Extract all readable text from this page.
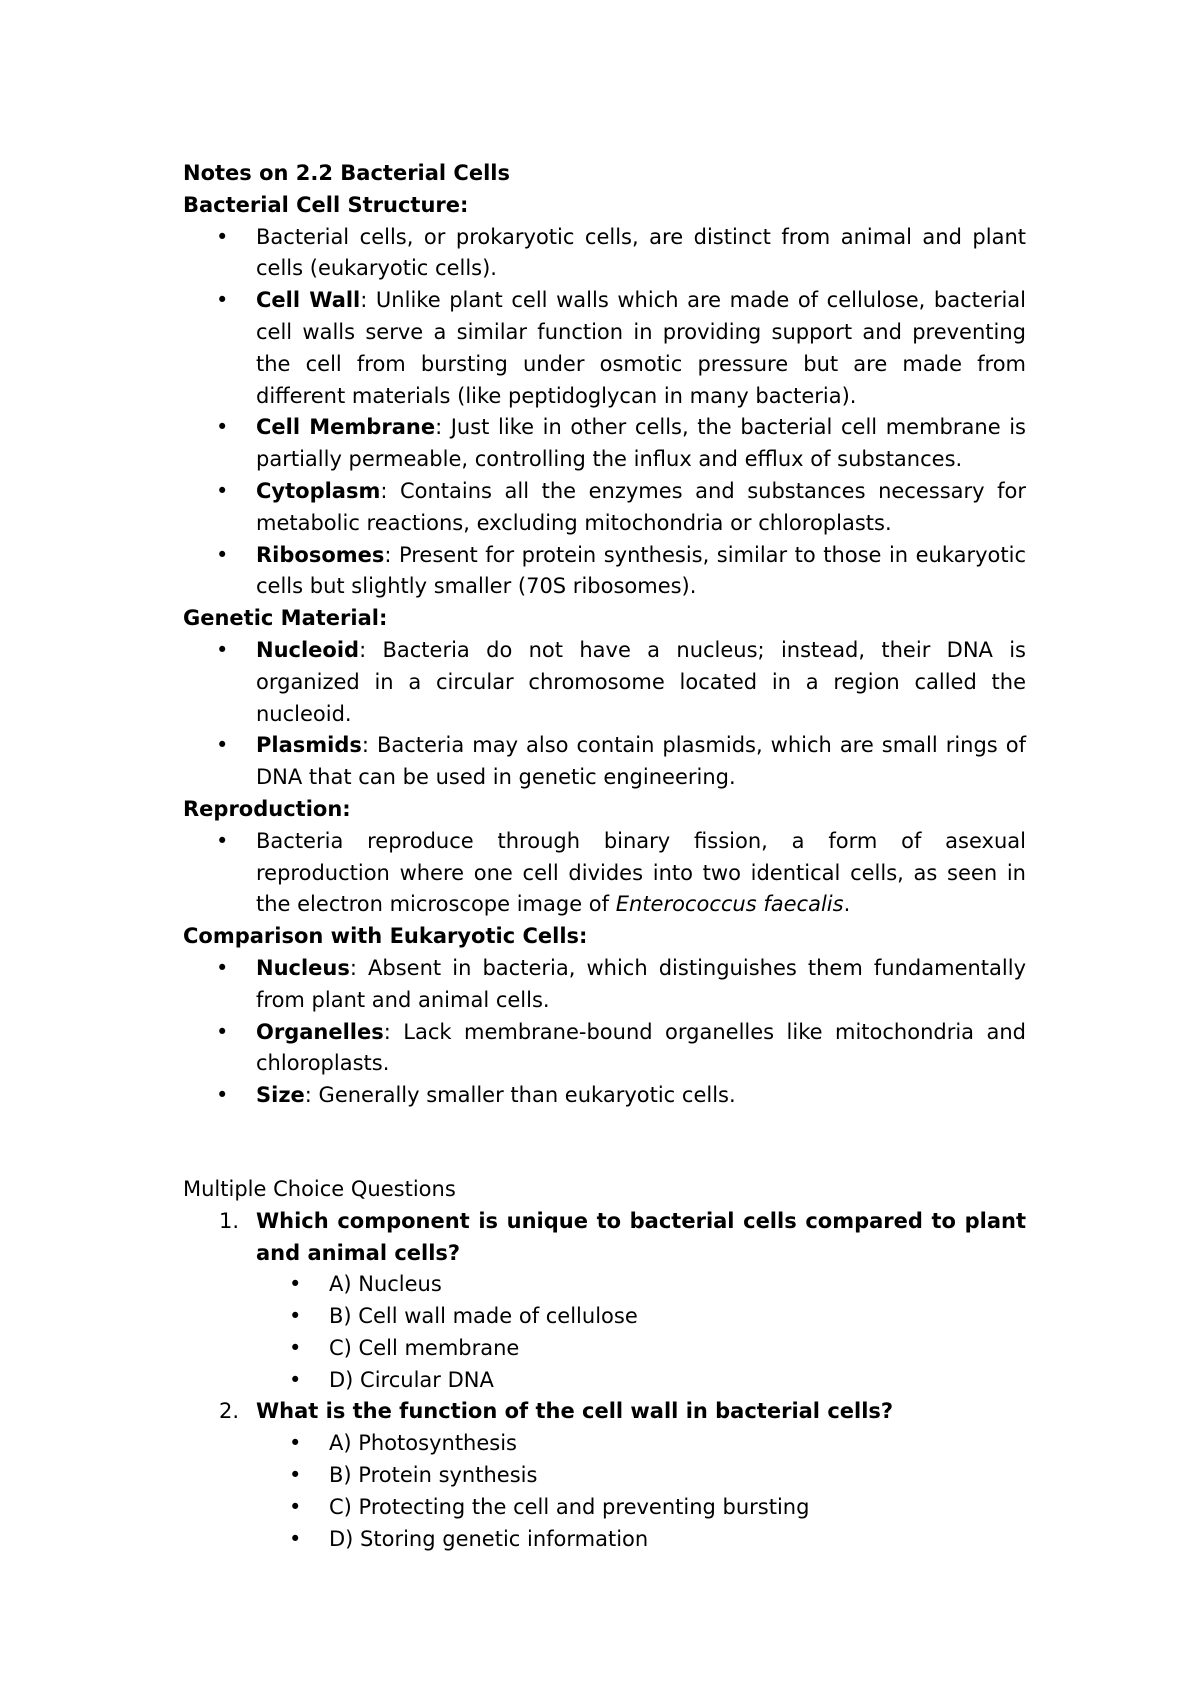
Notes on 2.2 Bacterial Cells

Bacterial Cell Structure:

• Bacterial cells, or prokaryotic cells, are distinct from animal and plant cells (eukaryotic cells).
• Cell Wall: Unlike plant cell walls which are made of cellulose, bacterial cell walls serve a similar function in providing support and preventing the cell from bursting under osmotic pressure but are made from different materials (like peptidoglycan in many bacteria).
• Cell Membrane: Just like in other cells, the bacterial cell membrane is partially permeable, controlling the influx and efflux of substances.
• Cytoplasm: Contains all the enzymes and substances necessary for metabolic reactions, excluding mitochondria or chloroplasts.
• Ribosomes: Present for protein synthesis, similar to those in eukaryotic cells but slightly smaller (70S ribosomes).

Genetic Material:

• Nucleoid: Bacteria do not have a nucleus; instead, their DNA is organized in a circular chromosome located in a region called the nucleoid.
• Plasmids: Bacteria may also contain plasmids, which are small rings of DNA that can be used in genetic engineering.

Reproduction:

• Bacteria reproduce through binary fission, a form of asexual reproduction where one cell divides into two identical cells, as seen in the electron microscope image of Enterococcus faecalis.

Comparison with Eukaryotic Cells:

• Nucleus: Absent in bacteria, which distinguishes them fundamentally from plant and animal cells.
• Organelles: Lack membrane-bound organelles like mitochondria and chloroplasts.
• Size: Generally smaller than eukaryotic cells.

Multiple Choice Questions

1. Which component is unique to bacterial cells compared to plant and animal cells?
• A) Nucleus
• B) Cell wall made of cellulose
• C) Cell membrane
• D) Circular DNA
2. What is the function of the cell wall in bacterial cells?
• A) Photosynthesis
• B) Protein synthesis
• C) Protecting the cell and preventing bursting
• D) Storing genetic information
